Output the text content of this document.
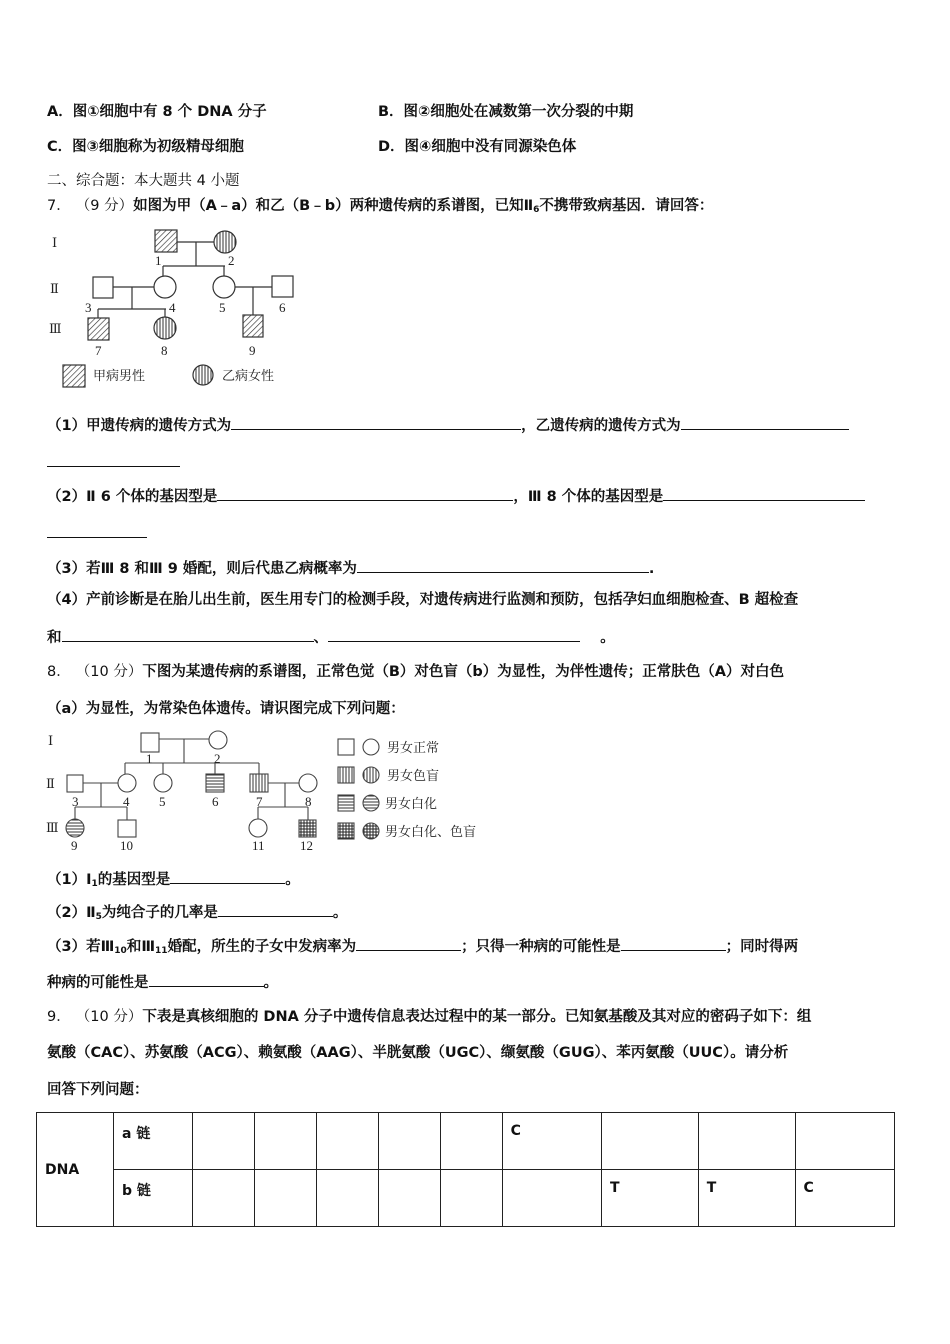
A．图①细胞中有 8 个 DNA 分子	B．图②细胞处在减数第一次分裂的中期
C．图③细胞称为初级精母细胞	D．图④细胞中没有同源染色体
二、综合题：本大题共 4 小题
7． （9 分）如图为甲（A﹣a）和乙（B﹣b）两种遗传病的系谱图，已知$Ⅱ_6$不携带致病基因．请回答：
Ⅰ
Ⅱ
Ⅲ
1	2
3	4	5	6
7	8	9
甲病男性	乙病女性
Ⅰ
Ⅱ
Ⅲ
1	2
3	4 5	6	7	8
9	10	11	12
男女正常
男女色盲
男女白化
男女白化、色盲
（1）甲遗传病的遗传方式为	，乙遗传病的遗传方式为
（2）Ⅱ 6 个体的基因型是	，Ⅲ 8 个体的基因型是
（3）若Ⅲ 8 和Ⅲ 9 婚配，则后代患乙病概率为	.
（4）产前诊断是在胎儿出生前，医生用专门的检测手段，对遗传病进行监测和预防，包括孕妇血细胞检查、B 超检查
和	、	。
8． （10 分）下图为某遗传病的系谱图，正常色觉（B）对色盲（b）为显性，为伴性遗传；正常肤色（A）对白色
（a）为显性，为常染色体遗传。请识图完成下列问题：
$(1)Ⅰ_1$的基因型是	。
$(2)Ⅱ_5$为纯合子的几率是	。
（3）若$Ⅲ_{10}$和$Ⅲ_{11}$婚配，所生的子女中发病率为	；只得一种病的可能性是	；同时得两
种病的可能性是	。
9． （10 分）下表是真核细胞的 DNA 分子中遗传信息表达过程中的某一部分。已知氨基酸及其对应的密码子如下：组
氨酸（CAC）、苏氨酸（ACG）、赖氨酸（AAG）、半胱氨酸（UGC）、缬氨酸（GUG）、苯丙氨酸（UUC）。请分析
回答下列问题：
DNA	a 链						C			
	b 链							T	T	C
